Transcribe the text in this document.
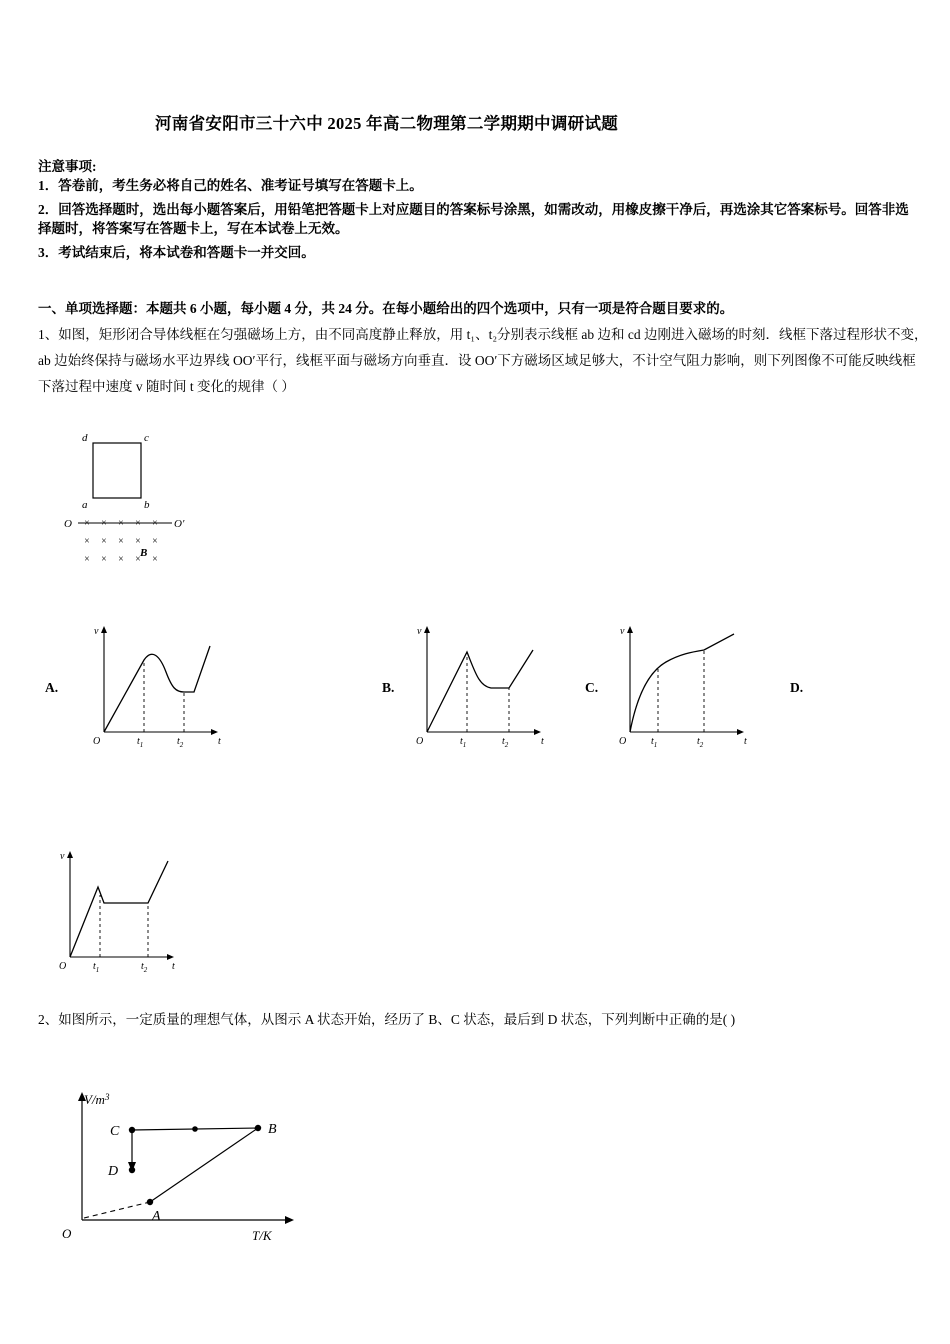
河南省安阳市三十六中 2025 年高二物理第二学期期中调研试题
注意事项:
1．答卷前，考生务必将自己的姓名、准考证号填写在答题卡上。
2．回答选择题时，选出每小题答案后，用铅笔把答题卡上对应题目的答案标号涂黑，如需改动，用橡皮擦干净后，再选涂其它答案标号。回答非选择题时，将答案写在答题卡上，写在本试卷上无效。
3．考试结束后，将本试卷和答题卡一并交回。
一、单项选择题：本题共 6 小题，每小题 4 分，共 24 分。在每小题给出的四个选项中，只有一项是符合题目要求的。
1、如图，矩形闭合导体线框在匀强磁场上方，由不同高度静止释放，用 t₁、t₂分别表示线框 ab 边和 cd 边刚进入磁场的时刻．线框下落过程形状不变，ab 边始终保持与磁场水平边界线 OO′平行，线框平面与磁场方向垂直．设 OO′下方磁场区域足够大，不计空气阻力影响，则下列图像不可能反映线框下落过程中速度 v 随时间 t 变化的规律（ ）
d	c
a	b
O	O′
× × × × ×
× × × × ×
× × × × ×
B
A.	B.	C.	D.
v
t
O	$t_1$	$t_2$
v
t
O	$t_1$	$t_2$
v
t
O $t_1$	$t_2$
v
t
O	$t_1$	$t_2$
2、如图所示，一定质量的理想气体，从图示 A 状态开始，经历了 B、C 状态，最后到 D 状态，下列判断中正确的是( )
$V/m^3$
T/K
O
C	B
D
A
